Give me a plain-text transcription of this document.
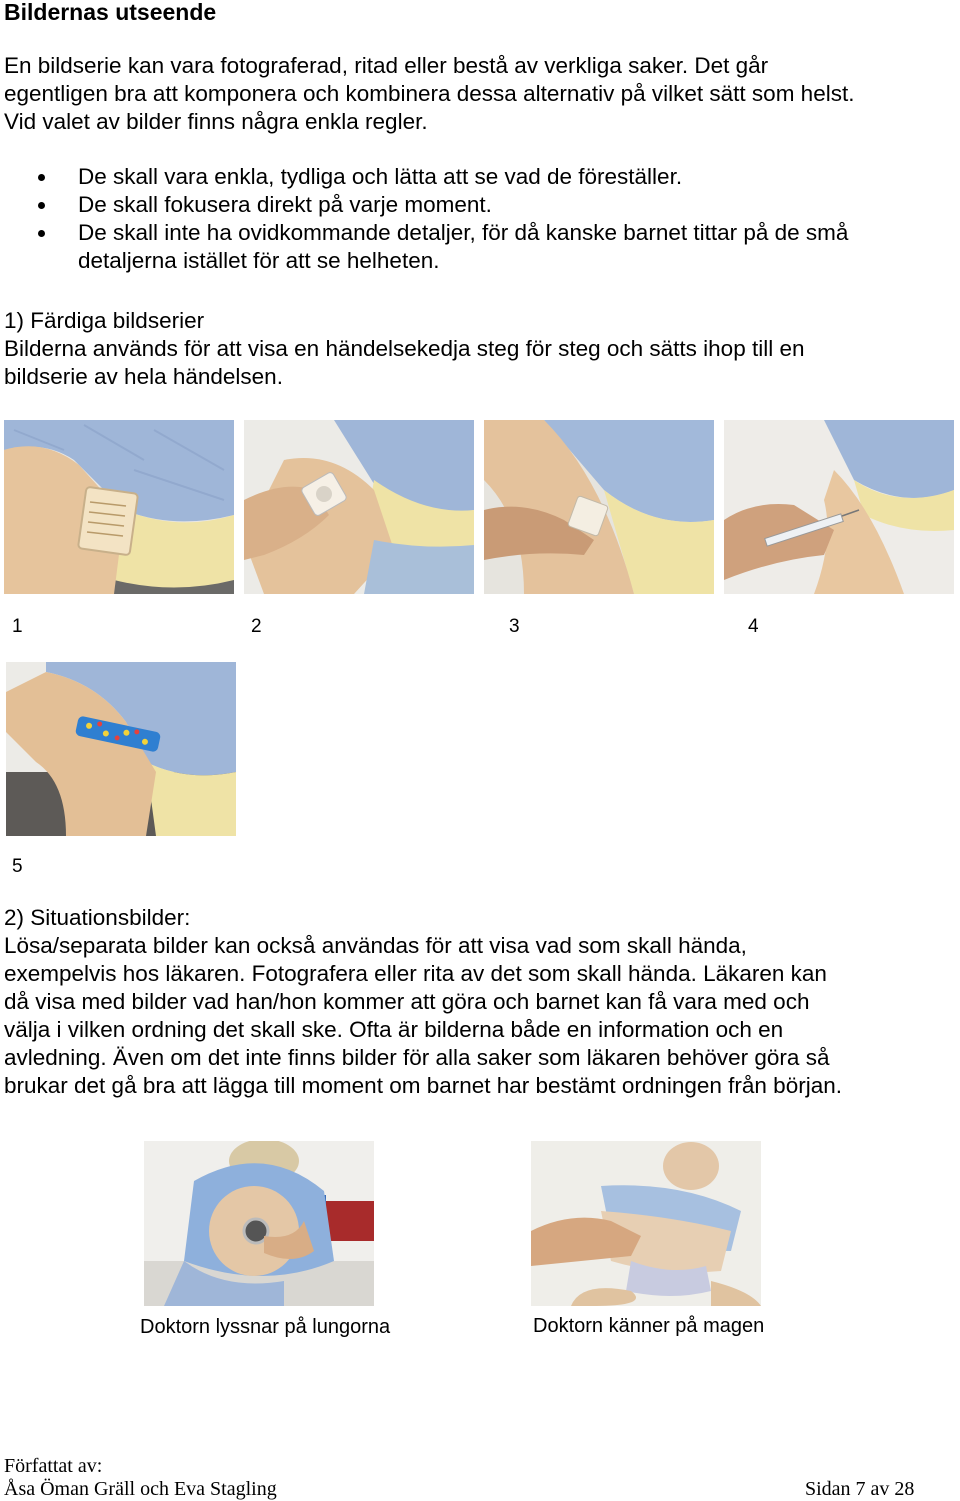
Bildernas utseende
En bildserie kan vara fotograferad, ritad eller bestå av verkliga saker. Det går
egentligen bra att komponera och kombinera dessa alternativ på vilket sätt som helst.
Vid valet av bilder finns några enkla regler.
De skall vara enkla, tydliga och lätta att se vad de föreställer.
De skall fokusera direkt på varje moment.
De skall inte ha ovidkommande detaljer, för då kanske barnet tittar på de små detaljerna istället för att se helheten.
1) Färdiga bildserier
Bilderna används för att visa en händelsekedja steg för steg och sätts ihop till en
bildserie av hela händelsen.
1	2	3	4
5
2) Situationsbilder:
Lösa/separata bilder kan också användas för att visa vad som skall hända,
exempelvis hos läkaren. Fotografera eller rita av det som skall hända. Läkaren kan
då visa med bilder vad han/hon kommer att göra och barnet kan få vara med och
välja i vilken ordning det skall ske. Ofta är bilderna både en information och en
avledning. Även om det inte finns bilder för alla saker som läkaren behöver göra så
brukar det gå bra att lägga till moment om barnet har bestämt ordningen från början.
Doktorn lyssnar på lungorna	Doktorn känner på magen
Författat av:
Åsa Öman Gräll och Eva Stagling	Sidan 7 av 28
